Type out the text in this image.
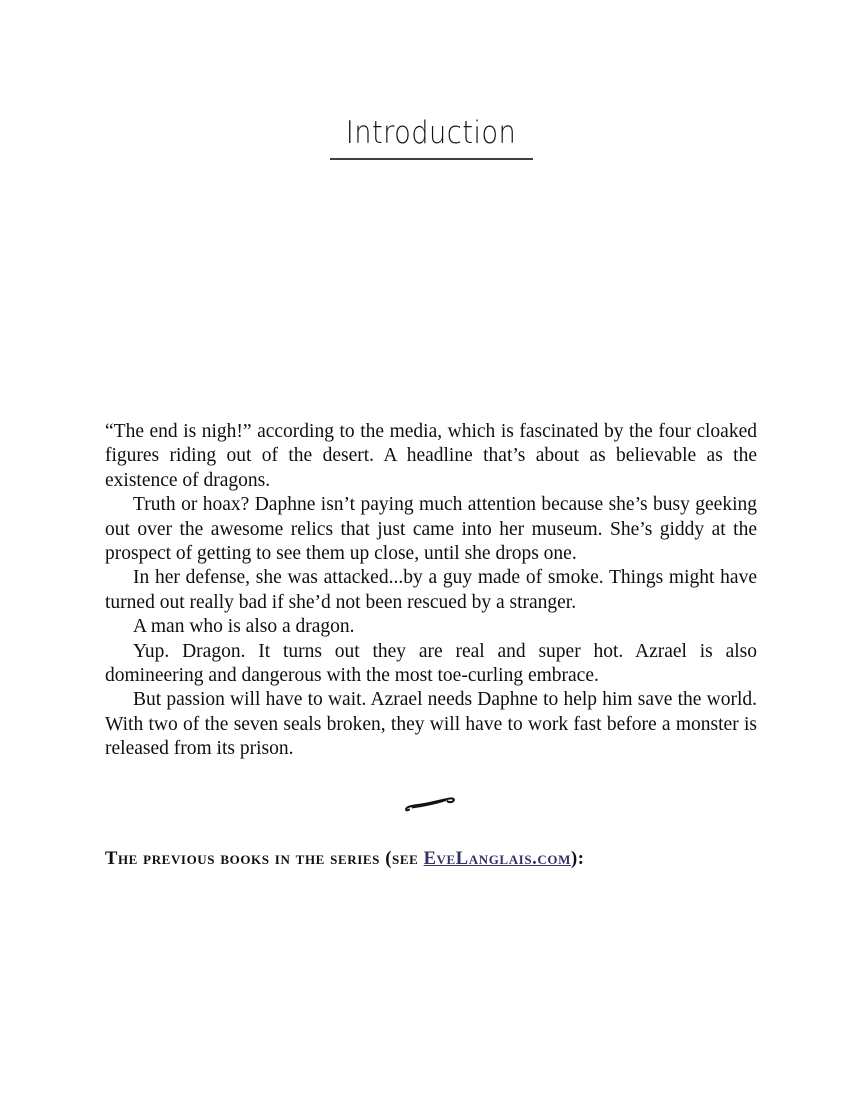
Introduction

“The end is nigh!” according to the media, which is fascinated by the four cloaked figures riding out of the desert. A headline that’s about as believable as the existence of dragons.

Truth or hoax? Daphne isn’t paying much attention because she’s busy geeking out over the awesome relics that just came into her museum. She’s giddy at the prospect of getting to see them up close, until she drops one.

In her defense, she was attacked...by a guy made of smoke. Things might have turned out really bad if she’d not been rescued by a stranger.

A man who is also a dragon.

Yup. Dragon. It turns out they are real and super hot. Azrael is also domineering and dangerous with the most toe-curling embrace.

But passion will have to wait. Azrael needs Daphne to help him save the world. With two of the seven seals broken, they will have to work fast before a monster is released from its prison.

The previous books in the series (see EveLanglais.com):
